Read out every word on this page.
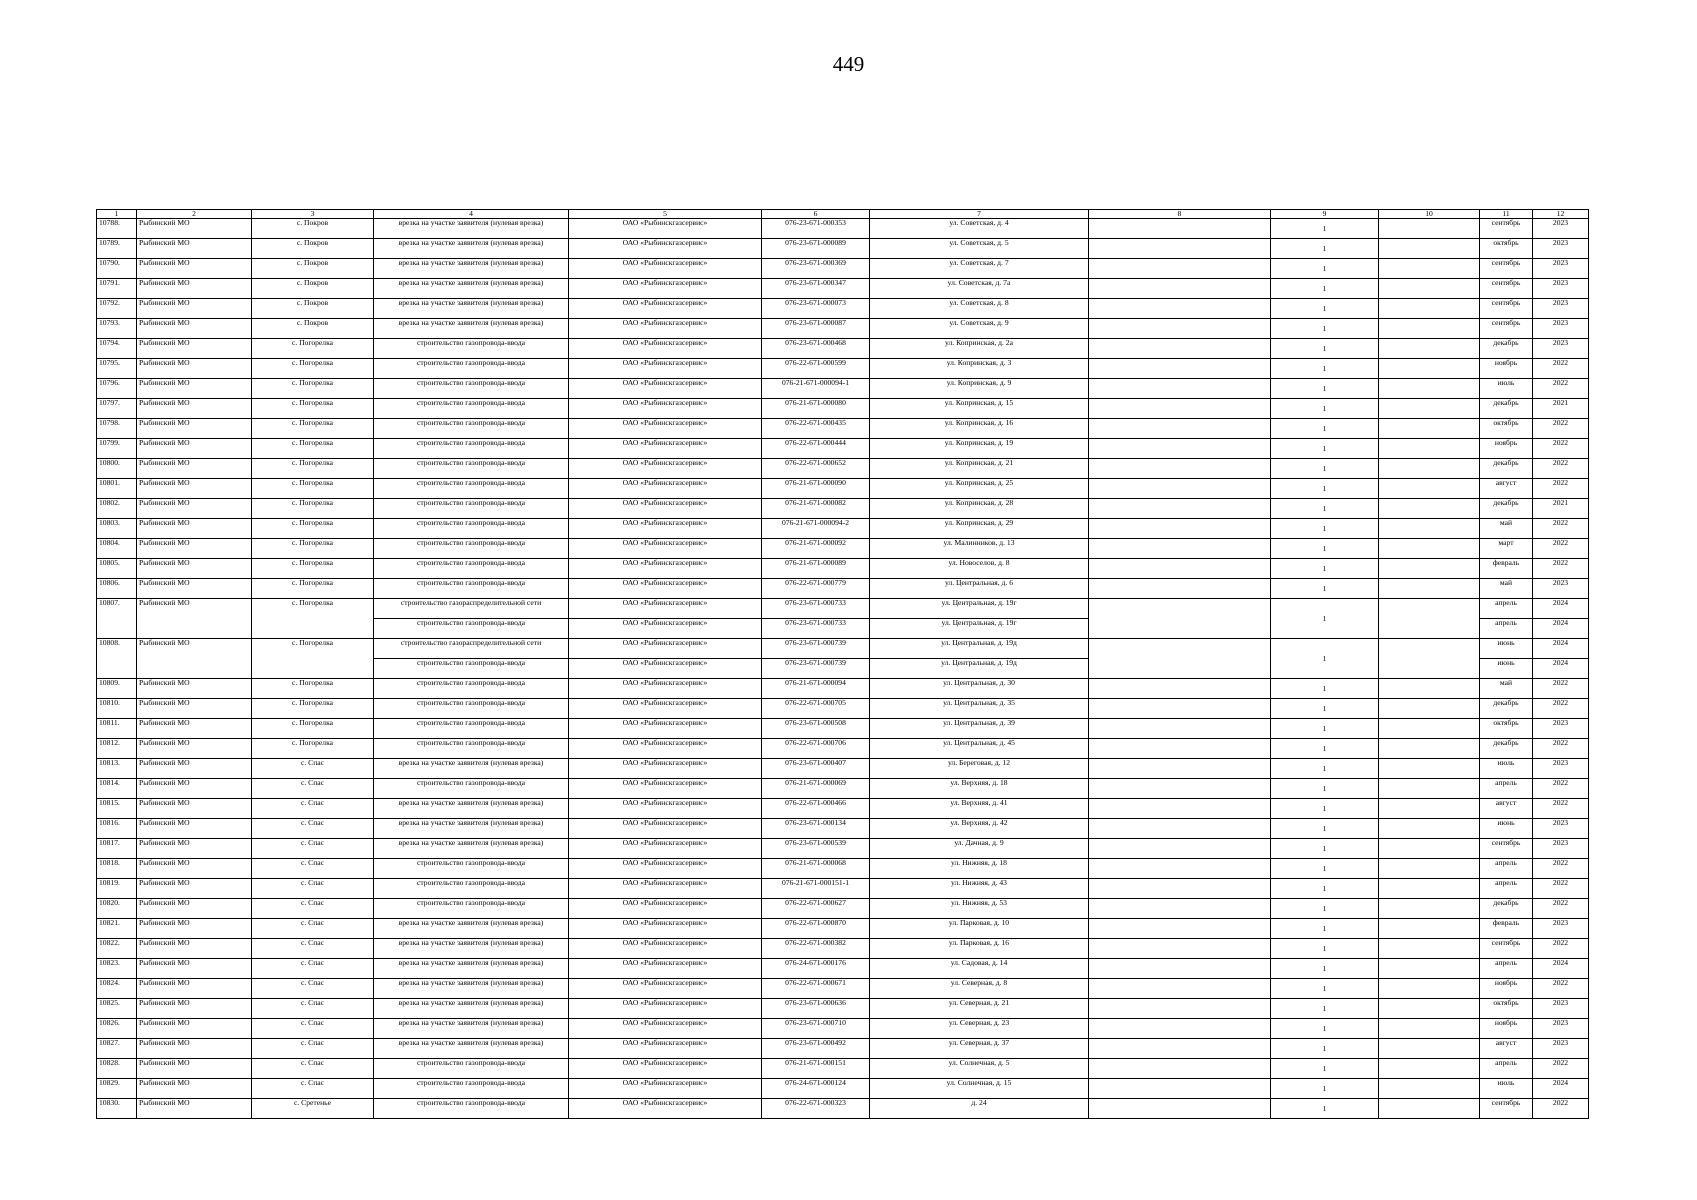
449
1	2	3	4	5	6	7	8	9	10	11	12
10788.	Рыбинский МО	с. Покров	врезка на участке заявителя (нулевая врезка)	ОАО «Рыбинскгазсервис»	076-23-671-000353	ул. Советская, д. 4		1		сентябрь	2023
10789.	Рыбинский МО	с. Покров	врезка на участке заявителя (нулевая врезка)	ОАО «Рыбинскгазсервис»	076-23-671-000089	ул. Советская, д. 5		1		октябрь	2023
10790.	Рыбинский МО	с. Покров	врезка на участке заявителя (нулевая врезка)	ОАО «Рыбинскгазсервис»	076-23-671-000369	ул. Советская, д. 7		1		сентябрь	2023
10791.	Рыбинский МО	с. Покров	врезка на участке заявителя (нулевая врезка)	ОАО «Рыбинскгазсервис»	076-23-671-000347	ул. Советская, д. 7а		1		сентябрь	2023
10792.	Рыбинский МО	с. Покров	врезка на участке заявителя (нулевая врезка)	ОАО «Рыбинскгазсервис»	076-23-671-000073	ул. Советская, д. 8		1		сентябрь	2023
10793.	Рыбинский МО	с. Покров	врезка на участке заявителя (нулевая врезка)	ОАО «Рыбинскгазсервис»	076-23-671-000087	ул. Советская, д. 9		1		сентябрь	2023
10794.	Рыбинский МО	с. Погорелка	строительство газопровода-ввода	ОАО «Рыбинскгазсервис»	076-23-671-000468	ул. Копринская, д. 2а		1		декабрь	2023
10795.	Рыбинский МО	с. Погорелка	строительство газопровода-ввода	ОАО «Рыбинскгазсервис»	076-22-671-000599	ул. Копринская, д. 3		1		ноябрь	2022
10796.	Рыбинский МО	с. Погорелка	строительство газопровода-ввода	ОАО «Рыбинскгазсервис»	076-21-671-000094-1	ул. Копринская, д. 9		1		июль	2022
10797.	Рыбинский МО	с. Погорелка	строительство газопровода-ввода	ОАО «Рыбинскгазсервис»	076-21-671-000080	ул. Копринская, д. 15		1		декабрь	2021
10798.	Рыбинский МО	с. Погорелка	строительство газопровода-ввода	ОАО «Рыбинскгазсервис»	076-22-671-000435	ул. Копринская, д. 16		1		октябрь	2022
10799.	Рыбинский МО	с. Погорелка	строительство газопровода-ввода	ОАО «Рыбинскгазсервис»	076-22-671-000444	ул. Копринская, д. 19		1		ноябрь	2022
10800.	Рыбинский МО	с. Погорелка	строительство газопровода-ввода	ОАО «Рыбинскгазсервис»	076-22-671-000652	ул. Копринская, д. 21		1		декабрь	2022
10801.	Рыбинский МО	с. Погорелка	строительство газопровода-ввода	ОАО «Рыбинскгазсервис»	076-21-671-000090	ул. Копринская, д. 25		1		август	2022
10802.	Рыбинский МО	с. Погорелка	строительство газопровода-ввода	ОАО «Рыбинскгазсервис»	076-21-671-000082	ул. Копринская, д. 28		1		декабрь	2021
10803.	Рыбинский МО	с. Погорелка	строительство газопровода-ввода	ОАО «Рыбинскгазсервис»	076-21-671-000094-2	ул. Копринская, д. 29		1		май	2022
10804.	Рыбинский МО	с. Погорелка	строительство газопровода-ввода	ОАО «Рыбинскгазсервис»	076-21-671-000092	ул. Малинников, д. 13		1		март	2022
10805.	Рыбинский МО	с. Погорелка	строительство газопровода-ввода	ОАО «Рыбинскгазсервис»	076-21-671-000089	ул. Новоселов, д. 8		1		февраль	2022
10806.	Рыбинский МО	с. Погорелка	строительство газопровода-ввода	ОАО «Рыбинскгазсервис»	076-22-671-000779	ул. Центральная, д. 6		1		май	2023
10807.	Рыбинский МО	с. Погорелка	строительство газораспределительной сети	ОАО «Рыбинскгазсервис»	076-23-671-000733	ул. Центральная, д. 19г		1		апрель	2024
			строительство газопровода-ввода	ОАО «Рыбинскгазсервис»	076-23-671-000733	ул. Центральная, д. 19г				апрель	2024
10808.	Рыбинский МО	с. Погорелка	строительство газораспределительной сети	ОАО «Рыбинскгазсервис»	076-23-671-000739	ул. Центральная, д. 19д		1		июнь	2024
			строительство газопровода-ввода	ОАО «Рыбинскгазсервис»	076-23-671-000739	ул. Центральная, д. 19д				июнь	2024
10809.	Рыбинский МО	с. Погорелка	строительство газопровода-ввода	ОАО «Рыбинскгазсервис»	076-21-671-000094	ул. Центральная, д. 30		1		май	2022
10810.	Рыбинский МО	с. Погорелка	строительство газопровода-ввода	ОАО «Рыбинскгазсервис»	076-22-671-000705	ул. Центральная, д. 35		1		декабрь	2022
10811.	Рыбинский МО	с. Погорелка	строительство газопровода-ввода	ОАО «Рыбинскгазсервис»	076-23-671-000508	ул. Центральная, д. 39		1		октябрь	2023
10812.	Рыбинский МО	с. Погорелка	строительство газопровода-ввода	ОАО «Рыбинскгазсервис»	076-22-671-000706	ул. Центральная, д. 45		1		декабрь	2022
10813.	Рыбинский МО	с. Спас	врезка на участке заявителя (нулевая врезка)	ОАО «Рыбинскгазсервис»	076-23-671-000407	ул. Береговая, д. 12		1		июль	2023
10814.	Рыбинский МО	с. Спас	строительство газопровода-ввода	ОАО «Рыбинскгазсервис»	076-21-671-000069	ул. Верхняя, д. 18		1		апрель	2022
10815.	Рыбинский МО	с. Спас	врезка на участке заявителя (нулевая врезка)	ОАО «Рыбинскгазсервис»	076-22-671-000466	ул. Верхняя, д. 41		1		август	2022
10816.	Рыбинский МО	с. Спас	врезка на участке заявителя (нулевая врезка)	ОАО «Рыбинскгазсервис»	076-23-671-000134	ул. Верхняя, д. 42		1		июнь	2023
10817.	Рыбинский МО	с. Спас	врезка на участке заявителя (нулевая врезка)	ОАО «Рыбинскгазсервис»	076-23-671-000539	ул. Дачная, д. 9		1		сентябрь	2023
10818.	Рыбинский МО	с. Спас	строительство газопровода-ввода	ОАО «Рыбинскгазсервис»	076-21-671-000068	ул. Нижняя, д. 18		1		апрель	2022
10819.	Рыбинский МО	с. Спас	строительство газопровода-ввода	ОАО «Рыбинскгазсервис»	076-21-671-000151-1	ул. Нижняя, д. 43		1		апрель	2022
10820.	Рыбинский МО	с. Спас	строительство газопровода-ввода	ОАО «Рыбинскгазсервис»	076-22-671-000627	ул. Нижняя, д. 53		1		декабрь	2022
10821.	Рыбинский МО	с. Спас	врезка на участке заявителя (нулевая врезка)	ОАО «Рыбинскгазсервис»	076-22-671-000870	ул. Парковая, д. 10		1		февраль	2023
10822.	Рыбинский МО	с. Спас	врезка на участке заявителя (нулевая врезка)	ОАО «Рыбинскгазсервис»	076-22-671-000382	ул. Парковая, д. 16		1		сентябрь	2022
10823.	Рыбинский МО	с. Спас	врезка на участке заявителя (нулевая врезка)	ОАО «Рыбинскгазсервис»	076-24-671-000176	ул. Садовая, д. 14		1		апрель	2024
10824.	Рыбинский МО	с. Спас	врезка на участке заявителя (нулевая врезка)	ОАО «Рыбинскгазсервис»	076-22-671-000671	ул. Северная, д. 8		1		ноябрь	2022
10825.	Рыбинский МО	с. Спас	врезка на участке заявителя (нулевая врезка)	ОАО «Рыбинскгазсервис»	076-23-671-000636	ул. Северная, д. 21		1		октябрь	2023
10826.	Рыбинский МО	с. Спас	врезка на участке заявителя (нулевая врезка)	ОАО «Рыбинскгазсервис»	076-23-671-000710	ул. Северная, д. 23		1		ноябрь	2023
10827.	Рыбинский МО	с. Спас	врезка на участке заявителя (нулевая врезка)	ОАО «Рыбинскгазсервис»	076-23-671-000492	ул. Северная, д. 37		1		август	2023
10828.	Рыбинский МО	с. Спас	строительство газопровода-ввода	ОАО «Рыбинскгазсервис»	076-21-671-000151	ул. Солнечная, д. 5		1		апрель	2022
10829.	Рыбинский МО	с. Спас	строительство газопровода-ввода	ОАО «Рыбинскгазсервис»	076-24-671-000124	ул. Солнечная, д. 15		1		июль	2024
10830.	Рыбинский МО	с. Сретенье	строительство газопровода-ввода	ОАО «Рыбинскгазсервис»	076-22-671-000323	д. 24		1		сентябрь	2022
